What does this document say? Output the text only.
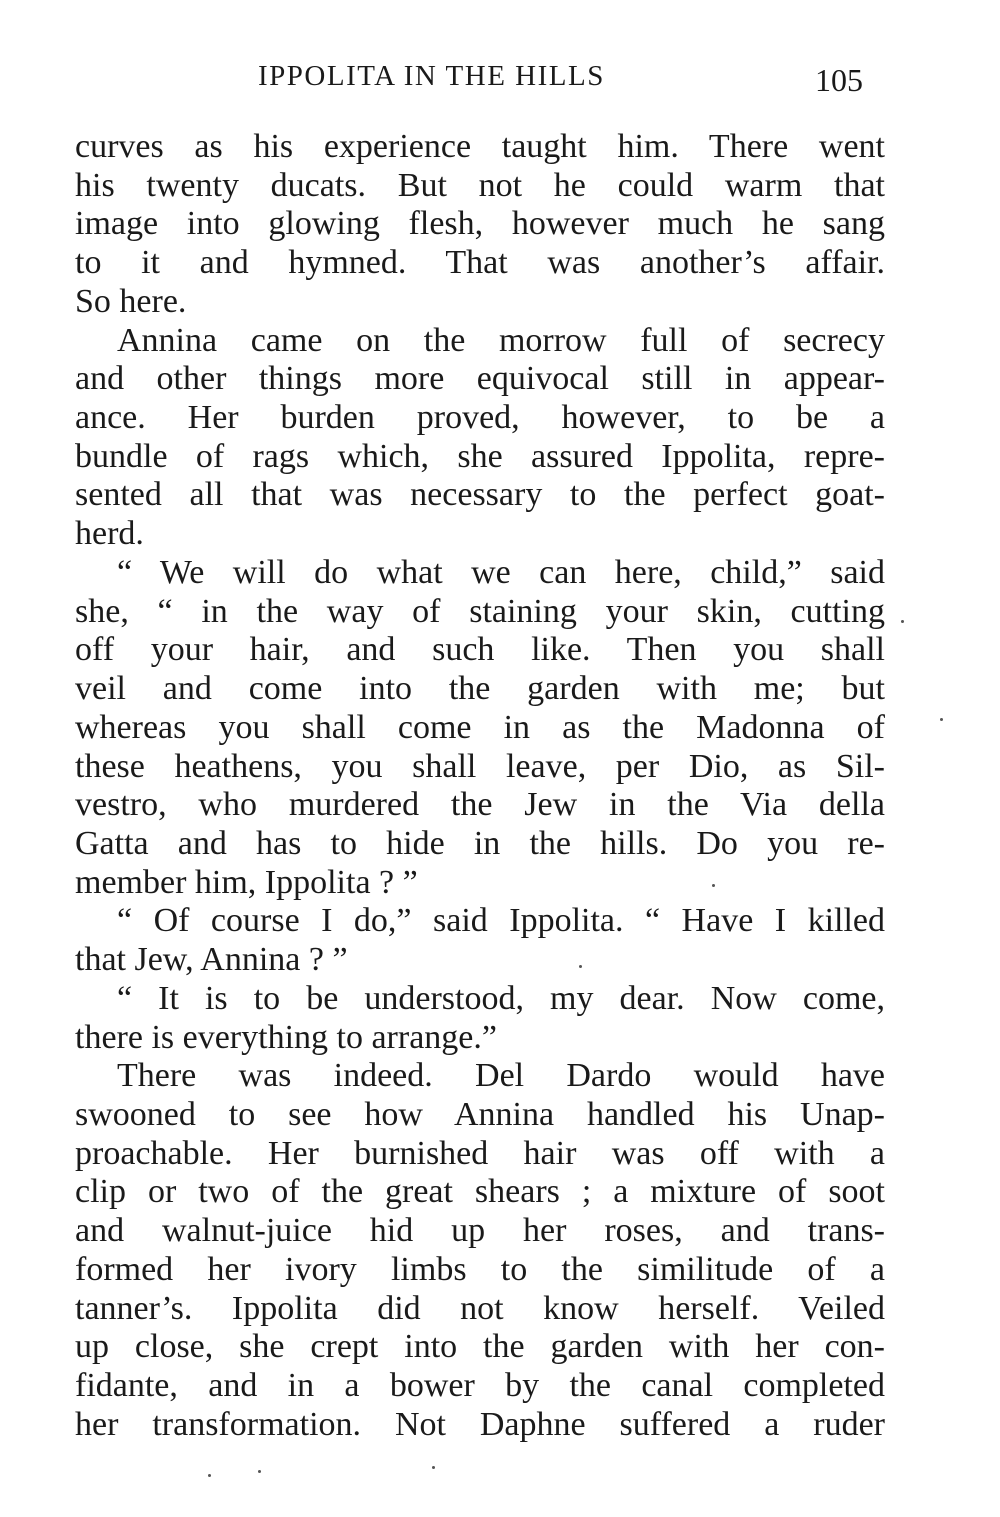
IPPOLITA IN THE HILLS	105
curves as his experience taught him. There went
his twenty ducats. But not he could warm that
image into glowing flesh, however much he sang
to it and hymned. That was another’s affair.
So here.
Annina came on the morrow full of secrecy
and other things more equivocal still in appear-
ance. Her burden proved, however, to be a
bundle of rags which, she assured Ippolita, repre-
sented all that was necessary to the perfect goat-
herd.
“ We will do what we can here, child,” said
she, “ in the way of staining your skin, cutting
off your hair, and such like. Then you shall
veil and come into the garden with me; but
whereas you shall come in as the Madonna of
these heathens, you shall leave, per Dio, as Sil-
vestro, who murdered the Jew in the Via della
Gatta and has to hide in the hills. Do you re-
member him, Ippolita ? ”
“ Of course I do,” said Ippolita. “ Have I killed
that Jew, Annina ? ”
“ It is to be understood, my dear. Now come,
there is everything to arrange.”
There was indeed. Del Dardo would have
swooned to see how Annina handled his Unap-
proachable. Her burnished hair was off with a
clip or two of the great shears ; a mixture of soot
and walnut-juice hid up her roses, and trans-
formed her ivory limbs to the similitude of a
tanner’s. Ippolita did not know herself. Veiled
up close, she crept into the garden with her con-
fidante, and in a bower by the canal completed
her transformation. Not Daphne suffered a ruder
